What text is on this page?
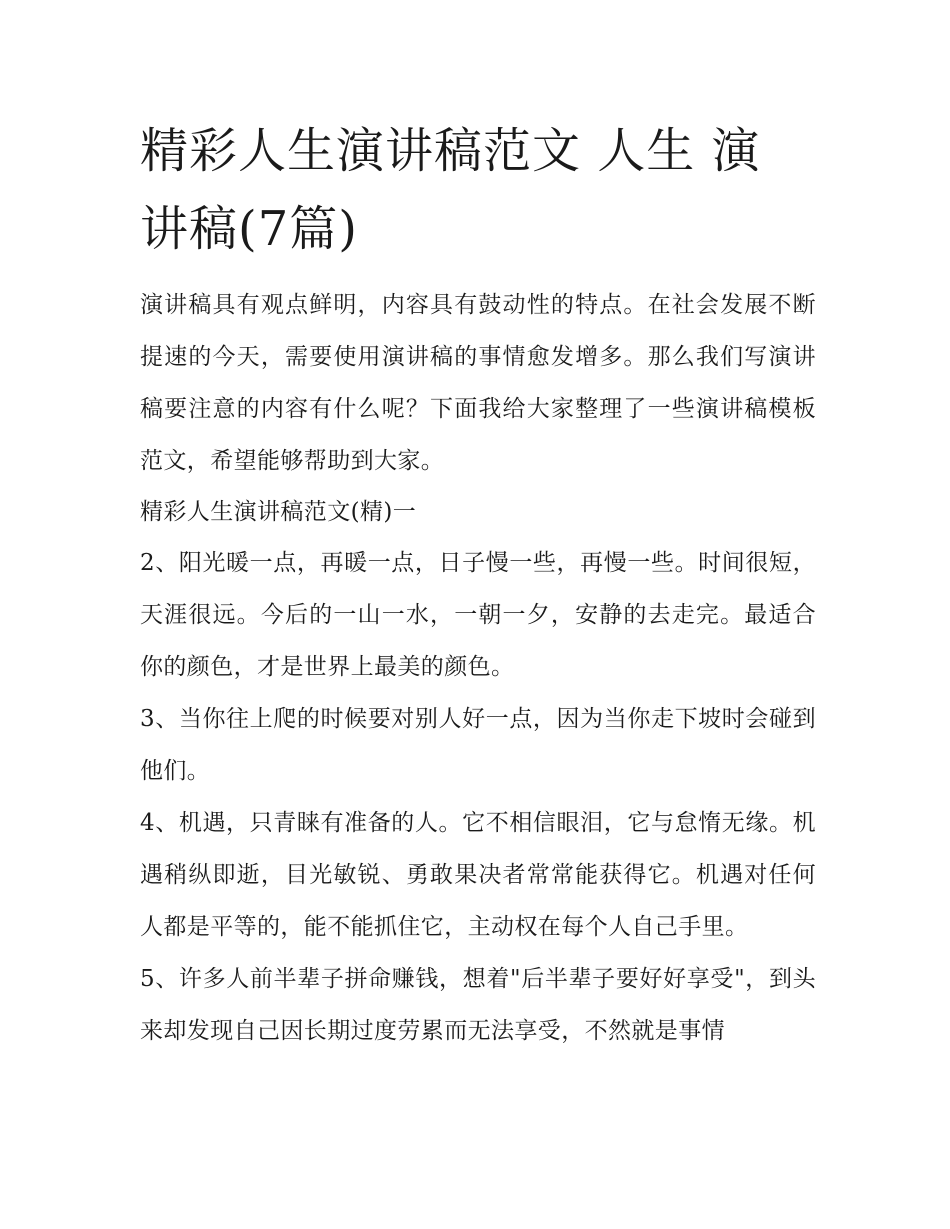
精彩人生演讲稿范文 人生 演讲稿(7篇)

演讲稿具有观点鲜明，内容具有鼓动性的特点。在社会发展不断提速的今天，需要使用演讲稿的事情愈发增多。那么我们写演讲稿要注意的内容有什么呢？下面我给大家整理了一些演讲稿模板范文，希望能够帮助到大家。

精彩人生演讲稿范文(精)一

2、阳光暖一点，再暖一点，日子慢一些，再慢一些。时间很短，天涯很远。今后的一山一水，一朝一夕，安静的去走完。最适合你的颜色，才是世界上最美的颜色。

3、当你往上爬的时候要对别人好一点，因为当你走下坡时会碰到他们。

4、机遇，只青睐有准备的人。它不相信眼泪，它与怠惰无缘。机遇稍纵即逝，目光敏锐、勇敢果决者常常能获得它。机遇对任何人都是平等的，能不能抓住它，主动权在每个人自己手里。

5、许多人前半辈子拼命赚钱，想着"后半辈子要好好享受"，到头来却发现自己因长期过度劳累而无法享受，不然就是事情
